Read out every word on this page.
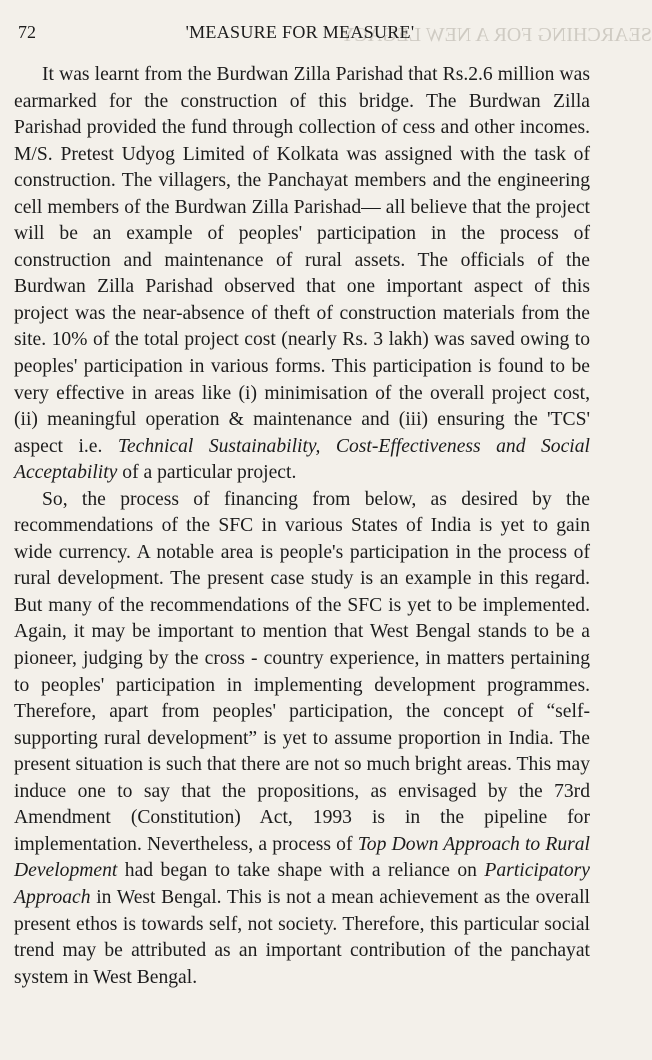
SEARCHING FOR A NEW LEGACY
72	'MEASURE FOR MEASURE'

It was learnt from the Burdwan Zilla Parishad that Rs.2.6 million was earmarked for the construction of this bridge. The Burdwan Zilla Parishad provided the fund through collection of cess and other incomes. M/S. Pretest Udyog Limited of Kolkata was assigned with the task of construction. The villagers, the Panchayat members and the engineering cell members of the Burdwan Zilla Parishad— all believe that the project will be an example of peoples' participation in the process of construction and maintenance of rural assets. The officials of the Burdwan Zilla Parishad observed that one important aspect of this project was the near-absence of theft of construction materials from the site. 10% of the total project cost (nearly Rs. 3 lakh) was saved owing to peoples' participation in various forms. This participation is found to be very effective in areas like (i) minimisation of the overall project cost, (ii) meaningful operation & maintenance and (iii) ensuring the 'TCS' aspect i.e. Technical Sustainability, Cost-Effectiveness and Social Acceptability of a particular project.

So, the process of financing from below, as desired by the recommendations of the SFC in various States of India is yet to gain wide currency. A notable area is people's participation in the process of rural development. The present case study is an example in this regard. But many of the recommendations of the SFC is yet to be implemented. Again, it may be important to mention that West Bengal stands to be a pioneer, judging by the cross - country experience, in matters pertaining to peoples' participation in implementing development programmes. Therefore, apart from peoples' participation, the concept of “self-supporting rural development” is yet to assume proportion in India. The present situation is such that there are not so much bright areas. This may induce one to say that the propositions, as envisaged by the 73rd Amendment (Constitution) Act, 1993 is in the pipeline for implementation. Nevertheless, a process of Top Down Approach to Rural Development had began to take shape with a reliance on Participatory Approach in West Bengal. This is not a mean achievement as the overall present ethos is towards self, not society. Therefore, this particular social trend may be attributed as an important contribution of the panchayat system in West Bengal.
